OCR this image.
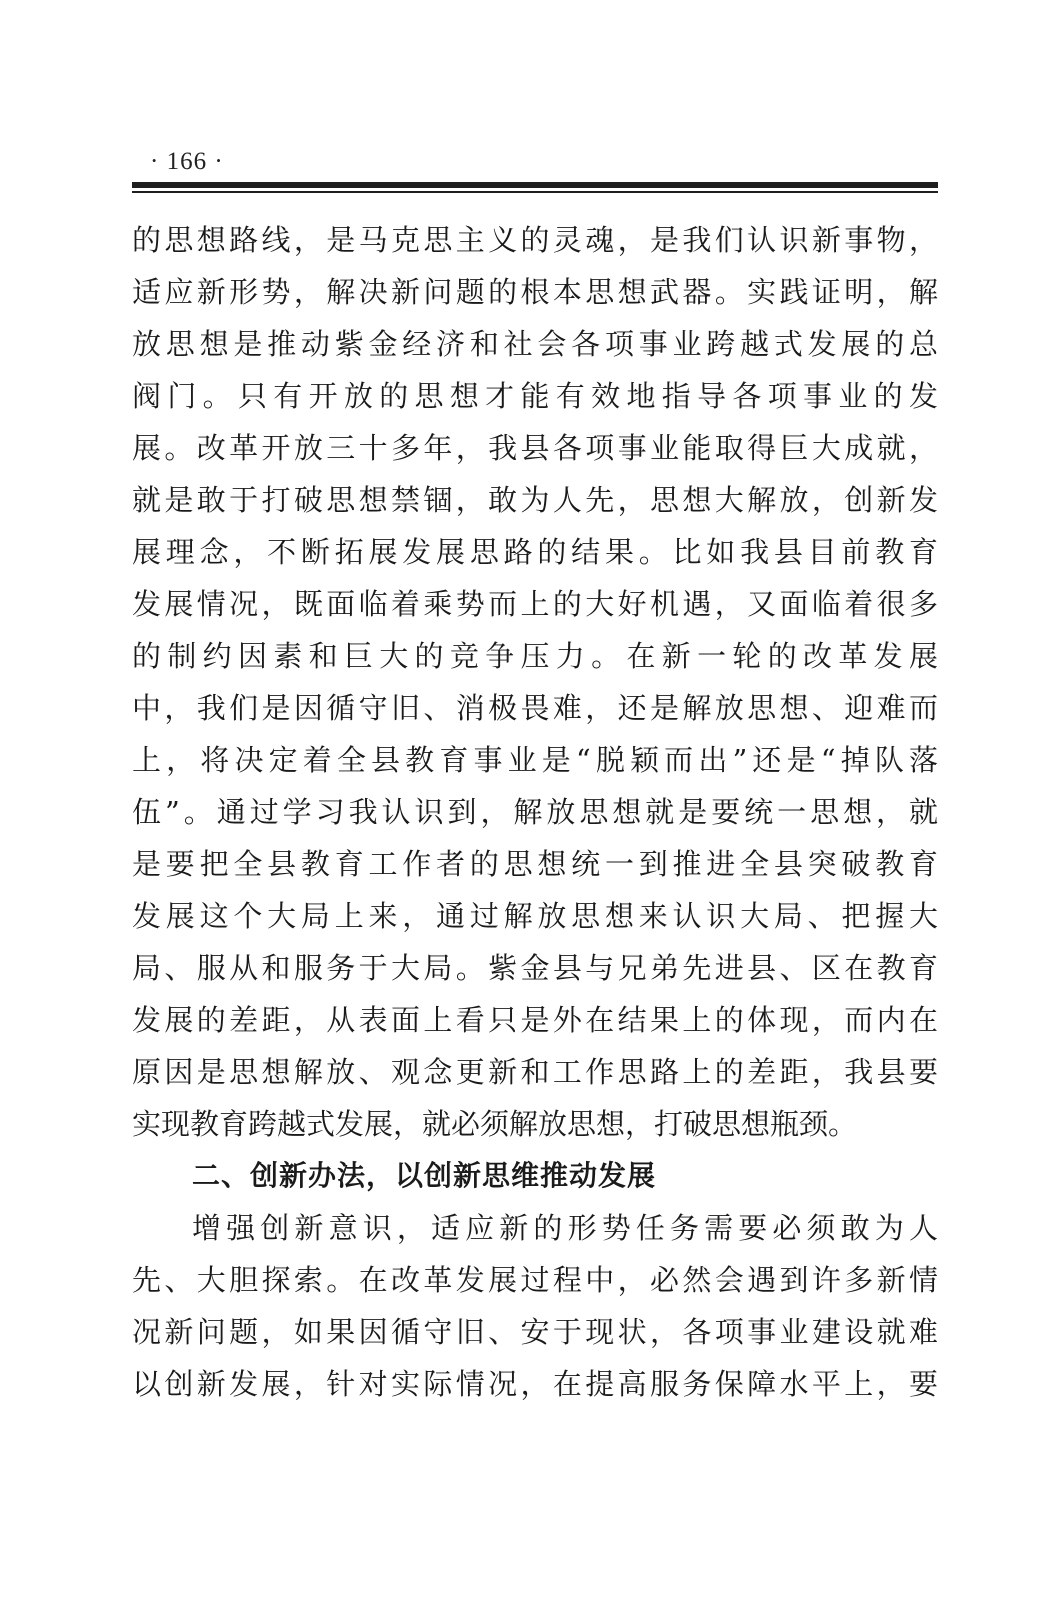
· 166 ·
的思想路线，是马克思主义的灵魂，是我们认识新事物，
适应新形势，解决新问题的根本思想武器。实践证明，解
放思想是推动紫金经济和社会各项事业跨越式发展的总
阀门。只有开放的思想才能有效地指导各项事业的发
展。改革开放三十多年，我县各项事业能取得巨大成就，
就是敢于打破思想禁锢，敢为人先，思想大解放，创新发
展理念，不断拓展发展思路的结果。比如我县目前教育
发展情况，既面临着乘势而上的大好机遇，又面临着很多
的制约因素和巨大的竞争压力。在新一轮的改革发展
中，我们是因循守旧、消极畏难，还是解放思想、迎难而
上，将决定着全县教育事业是“脱颖而出”还是“掉队落
伍”。通过学习我认识到，解放思想就是要统一思想，就
是要把全县教育工作者的思想统一到推进全县突破教育
发展这个大局上来，通过解放思想来认识大局、把握大
局、服从和服务于大局。紫金县与兄弟先进县、区在教育
发展的差距，从表面上看只是外在结果上的体现，而内在
原因是思想解放、观念更新和工作思路上的差距，我县要
实现教育跨越式发展，就必须解放思想，打破思想瓶颈。
二、创新办法，以创新思维推动发展
增强创新意识，适应新的形势任务需要必须敢为人
先、大胆探索。在改革发展过程中，必然会遇到许多新情
况新问题，如果因循守旧、安于现状，各项事业建设就难
以创新发展，针对实际情况，在提高服务保障水平上，要
